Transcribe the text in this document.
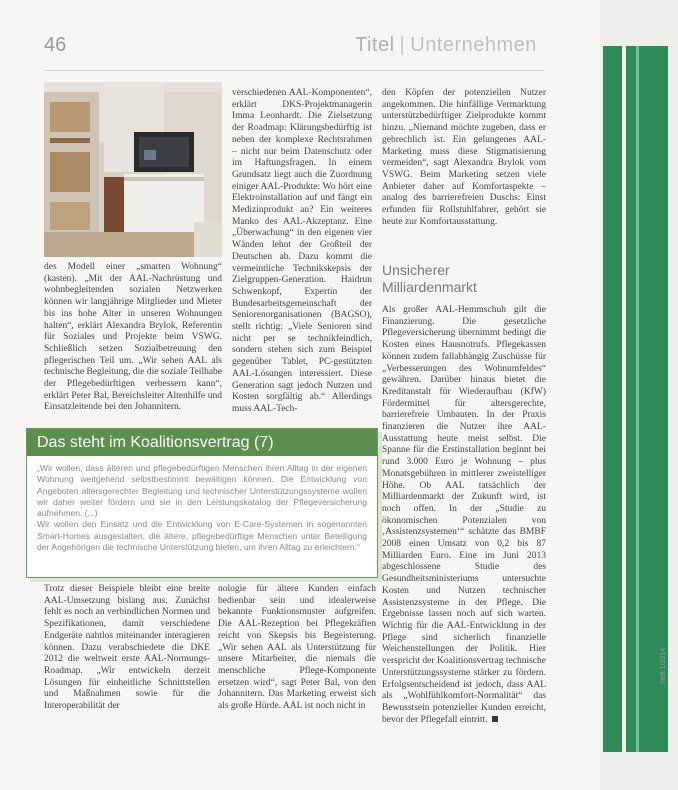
46	Titel | Unternehmen

des Modell einer „smarten Wohnung“ (kasten). „Mit der AAL-Nachrüstung und wohnbegleitenden sozialen Netzwerken können wir langjährige Mitglieder und Mieter bis ins hohe Alter in unseren Wohnungen halten“, erklärt Alexandra Brylok, Referentin für Soziales und Projekte beim VSWG. Schließlich setzen Sozialbetreuung den pflegerischen Teil um. „Wir sehen AAL als technische Begleitung, die die soziale Teilhabe der Pflegebedürftigen verbessern kann“, erklärt Peter Bal, Bereichsleiter Altenhilfe und Einsatzleitende bei den Johannitern.

verschiedenen AAL-Komponenten“, erklärt DKS-Projektmanagerin Imma Leonhardt. Die Zielsetzung der Roadmap: Klärungsbedürftig ist neben der komplexe Rechtsrahmen – nicht nur beim Datenschutz oder im Haftungsfragen. In einem Grundsatz liegt auch die Zuordnung einiger AAL-Produkte: Wo hört eine Elektroinstallation auf und fängt ein Medizinprodukt an? Ein weiteres Manko des AAL-Akzeptanz. Eine „Überwachung“ in den eigenen vier Wänden lehnt der Großteil der Deutschen ab. Dazu kommt die vermeintliche Technikskepsis der Zielgruppen-Generation. Haidrun Schwenkopf, Expertin der Bundesarbeitsgemeinschaft der Seniorenorganisationen (BAGSO), stellt richtig: „Viele Senioren sind nicht per se technikfeindlich, sondern stehen sich zum Beispiel gegenüber Tablet, PC-gestützten AAL-Lösungen interessiert. Diese Generation sagt jedoch Nutzen und Kosten sorgfältig ab.“ Allerdings muss AAL-Tech-

den Köpfen der potenziellen Nutzer angekommen. Die hinfällige Vermarktung unterstützbedürftiger Zielprodukte kommt hinzu. „Niemand möchte zugeben, dass er gebrechlich ist. Ein gelungenes AAL-Marketing muss diese Stigmatisierung vermeiden“, sagt Alexandra Brylok vom VSWG. Beim Marketing setzen viele Anbieter daher auf Komfortaspekte – analog des barrierefreien Duschs: Einst erfunden für Rollstuhlfahrer, gehört sie heute zur Komfortausstattung.

Unsicherer Milliardenmarkt

Als großer AAL-Hemmschuh gilt die Finanzierung. Die gesetzliche Pflegeversicherung übernimmt bedingt die Kosten eines Hausnotrufs. Pflegekassen können zudem fallabhängig Zuschüsse für „Verbesserungen des Wohnumfeldes“ gewähren. Darüber hinaus bietet die Kreditanstalt für Wiederaufbau (KfW) Fördermittel für altersgerechte, barrierefreie Umbauten. In der Praxis finanzieren die Nutzer ihre AAL-Ausstattung heute meist selbst. Die Spanne für die Erstinstallation beginnt bei rund 3.000 Euro je Wohnung – plus Monatsgebühren in mittlerer zweistelliger Höhe. Ob AAL tatsächlich der Milliardenmarkt der Zukunft wird, ist noch offen. In der „Studie zu ökonomischen Potenzialen von ‚Assistenzsystemen‘“ schätzte das BMBF 2008 einen Umsatz von 0,2 bis 87 Milliarden Euro. Eine im Juni 2013 abgeschlossene Studie des Gesundheitsministeriums untersuchte Kosten und Nutzen technischer Assistenzsysteme in der Pflege. Die Ergebnisse lassen noch auf sich warten. Wichtig für die AAL-Entwicklung in der Pflege sind sicherlich finanzielle Weichenstellungen der Politik. Hier verspricht der Koalitionsvertrag technische Unterstützungssysteme stärker zu fördern. Erfolgsentscheidend ist jedoch, dass AAL als „Wohlfühlkomfort-Normalität“ das Bewusstsein potenzieller Kunden erreicht, bevor der Pflegefall eintritt.

Das steht im Koalitionsvertrag (7)

„Wir wollen, dass älteren und pflegebedürftigen Menschen ihren Alltag in der eigenen Wohnung weitgehend selbstbestimmt bewältigen können. Die Entwicklung von Angeboten altersgerechter Begleitung und technischer Unterstützungssysteme wollen wir daher weiter fördern und sie in den Leistungskatalog der Pflegeversicherung aufnehmen. (...)

Wir wollen den Einsatz und die Entwicklung von E-Care-Systemen in sogenannten Smart-Homes ausgestalten, die ältere, pflegebedürftige Menschen unter Beteiligung der Angehörigen die technische Unterstützung bieten, um ihren Alltag zu erleichtern.“

Trotz dieser Beispiele bleibt eine breite AAL-Umsetzung bislang aus. Zunächst fehlt es noch an verbindlichen Normen und Spezifikationen, damit verschiedene Endgeräte nahtlos miteinander interagieren können. Dazu verabschiedete die DKE 2012 die weltweit erste AAL-Normungs-Roadmap. „Wir entwickeln derzeit Lösungen für einheitliche Schnittstellen und Maßnahmen sowie für die Interoperabilität der

nologie für ältere Kunden einfach bedienbar sein und idealerweise bekannte Funktionsmuster aufgreifen. Die AAL-Rezeption bei Pflegekräften reicht von Skepsis bis Begeisterung. „Wir sehen AAL als Unterstützung für unsere Mitarbeiter, die niemals die menschliche Pflege-Komponente ersetzen wird“, sagt Peter Bal, von den Johannitern. Das Marketing erweist sich als große Hürde. AAL ist noch nicht in

Heft 1/2014
